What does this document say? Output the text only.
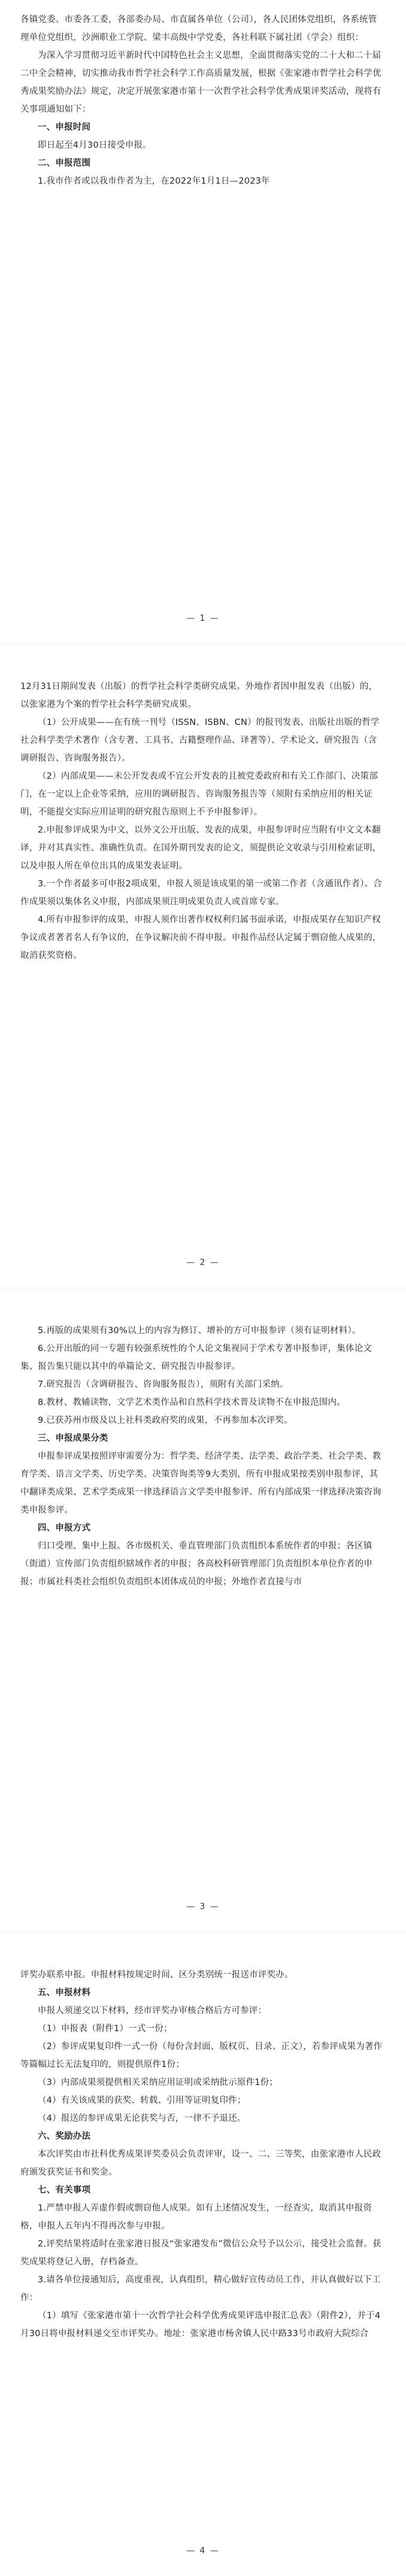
各镇党委、市委各工委，各部委办局、市直属各单位（公司），各人民团体党组织，各系统管理单位党组织，沙洲职业工学院、梁丰高级中学党委，各社科联下属社团（学会）组织：

为深入学习贯彻习近平新时代中国特色社会主义思想，全面贯彻落实党的二十大和二十届二中全会精神，切实推动我市哲学社会科学工作高质量发展，根据《张家港市哲学社会科学优秀成果奖励办法》规定，决定开展张家港市第十一次哲学社会科学优秀成果评奖活动，现将有关事项通知如下：

一、申报时间

即日起至4月30日接受申报。

二、申报范围

1.我市作者或以我市作者为主，在2022年1月1日—2023年

— 1 —

12月31日期间发表（出版）的哲学社会科学类研究成果。外地作者因申报发表（出版）的，以张家港为个案的哲学社会科学类研究成果。

（1）公开成果——在有统一刊号（ISSN、ISBN、CN）的报刊发表、出版社出版的哲学社会科学类学术著作（含专著、工具书、古籍整理作品、译著等）、学术论文、研究报告（含调研报告、咨询服务报告）。

（2）内部成果——未公开发表或不宜公开发表的且被党委政府和有关工作部门、决策部门，在一定以上企业等采纳，应用的调研报告、咨询服务报告等（须附有采纳应用的相关证明，不能提交实际应用证明的研究报告原则上不予申报参评）。

2.申报参评成果为中文，以外文公开出版、发表的成果，申报参评时应当附有中文文本翻译，并对其真实性、准确性负责。在国外期刊发表的论文，须提供论文收录与引用检索证明，以及申报人所在单位出具的成果发表证明。

3.一个作者最多可申报2项成果，申报人须是该成果的第一或第二作者（含通讯作者）。合作成果须以集体名义申报，内部成果须注明成果负责人或首席专家。

4.所有申报参评的成果，申报人须作出著作权权利归属书面承诺，申报成果存在知识产权争议或者著者名人有争议的，在争议解决前不得申报。申报作品经认定属于剽窃他人成果的，取消获奖资格。

— 2 —

5.再版的成果须有30%以上的内容为修订、增补的方可申报参评（须有证明材料）。

6.公开出版的同一专题有较强系统性的个人论文集视同于学术专著申报参评，集体论文集、报告集只能以其中的单篇论文、研究报告申报参评。

7.研究报告（含调研报告、咨询服务报告），须附有关部门采纳。

8.教材、教辅读物、文学艺术类作品和自然科学技术普及读物不在申报范围内。

9.已获苏州市级及以上社科类政府奖的成果，不再参加本次评奖。

三、申报成果分类

申报参评成果按照评审需要分为：哲学类、经济学类、法学类、政治学类、社会学类、教育学类、语言文学类、历史学类、决策咨询类等9大类别，所有申报成果按类别申报参评，其中翻译类成果、艺术学类成果一律选择语言文学类申报参评。所有内部成果一律选择决策咨询类申报参评。

四、申报方式

归口受理、集中上报。各市级机关、垂直管理部门负责组织本系统作者的申报；各区镇（街道）宣传部门负责组织辖域作者的申报；各高校科研管理部门负责组织本单位作者的申报；市属社科类社会组织负责组织本团体成员的申报；外地作者直接与市

— 3 —

评奖办联系申报。申报材料按规定时间、区分类别统一报送市评奖办。

五、申报材料

申报人须递交以下材料，经市评奖办审核合格后方可参评：

（1）申报表（附件1）一式一份；

（2）参评成果复印件一式一份（每份含封面、版权页、目录、正文），若参评成果为著作等篇幅过长无法复印的，则提供原件1份；

（3）内部成果须提供相关采纳应用证明或采纳批示原件1份；

（4）有关该成果的获奖、转载、引用等证明复印件；

（4）报送的参评成果无论获奖与否，一律不予退还。

六、奖励办法

本次评奖由市社科优秀成果评奖委员会负责评审，设一、二、三等奖，由张家港市人民政府颁发获奖证书和奖金。

七、有关事项

1.严禁申报人弄虚作假或剽窃他人成果。如有上述情况发生，一经查实，取消其申报资格，申报人五年内不得再次参与申报。

2.评奖结果将适时在张家港日报及“张家港发布”微信公众号予以公示，接受社会监督。获奖成果将登记入册，存档备查。

3.请各单位接通知后，高度重视，认真组织，精心做好宣传动员工作，并认真做好以下工作：

（1）填写《张家港市第十一次哲学社会科学优秀成果评选申报汇总表》（附件2），并于4月30日将申报材料递交至市评奖办。地址：张家港市杨舍镇人民中路33号市政府大院综合

— 4 —
